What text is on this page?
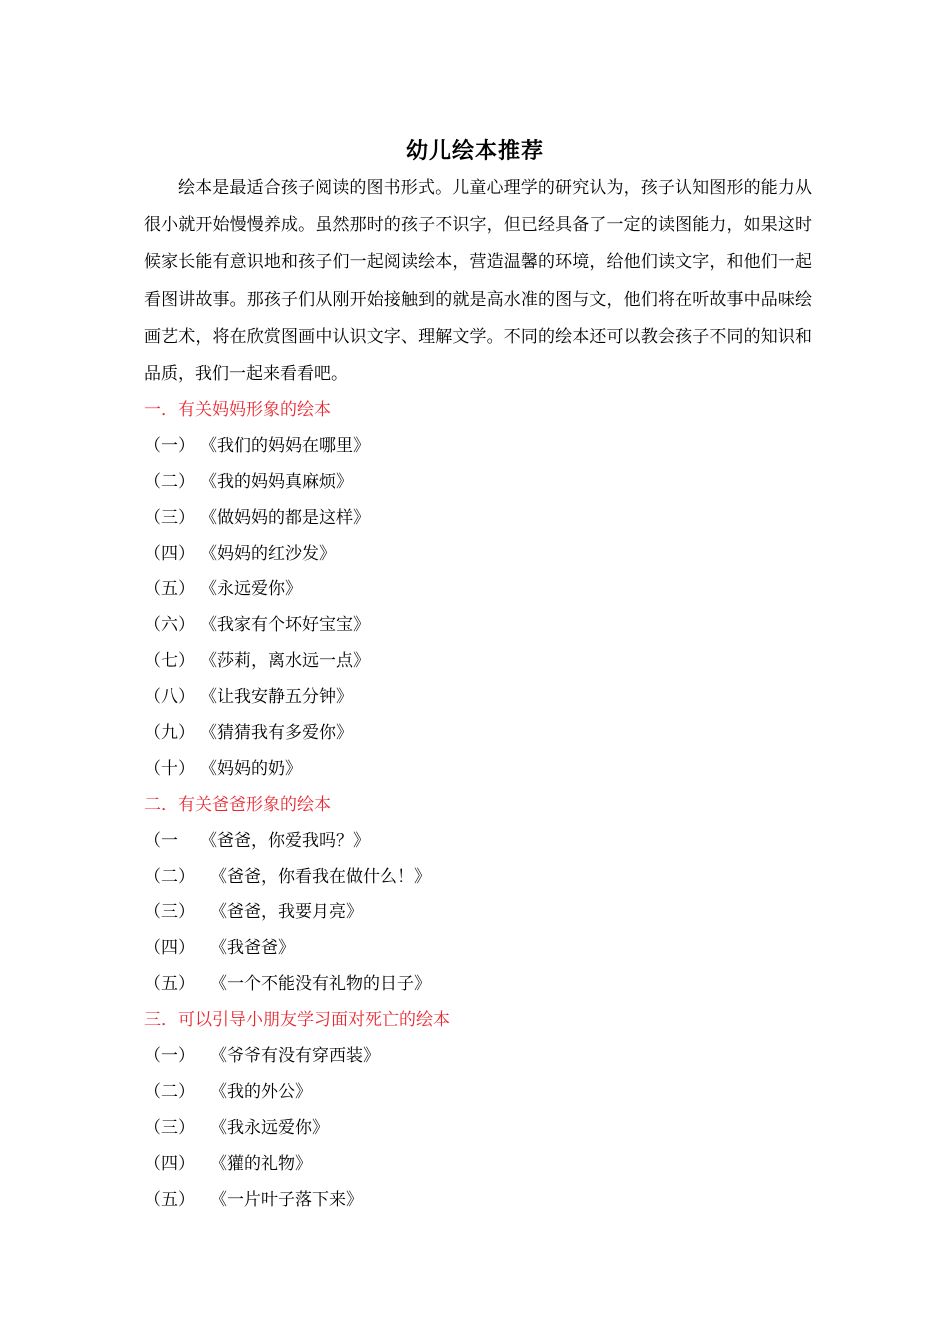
幼儿绘本推荐

绘本是最适合孩子阅读的图书形式。儿童心理学的研究认为，孩子认知图形的能力从很小就开始慢慢养成。虽然那时的孩子不识字，但已经具备了一定的读图能力，如果这时候家长能有意识地和孩子们一起阅读绘本，营造温馨的环境，给他们读文字，和他们一起看图讲故事。那孩子们从刚开始接触到的就是高水准的图与文，他们将在听故事中品味绘画艺术，将在欣赏图画中认识文字、理解文学。不同的绘本还可以教会孩子不同的知识和品质，我们一起来看看吧。

一．有关妈妈形象的绘本
（一） 《我们的妈妈在哪里》
（二） 《我的妈妈真麻烦》
（三） 《做妈妈的都是这样》
（四） 《妈妈的红沙发》
（五） 《永远爱你》
（六） 《我家有个坏好宝宝》
（七） 《莎莉，离水远一点》
（八） 《让我安静五分钟》
（九） 《猜猜我有多爱你》
（十） 《妈妈的奶》
二．有关爸爸形象的绘本
（一 《爸爸，你爱我吗？》
（二） 《爸爸，你看我在做什么！》
（三） 《爸爸，我要月亮》
（四） 《我爸爸》
（五） 《一个不能没有礼物的日子》
三．可以引导小朋友学习面对死亡的绘本
（一） 《爷爷有没有穿西装》
（二） 《我的外公》
（三） 《我永远爱你》
（四） 《獾的礼物》
（五） 《一片叶子落下来》
